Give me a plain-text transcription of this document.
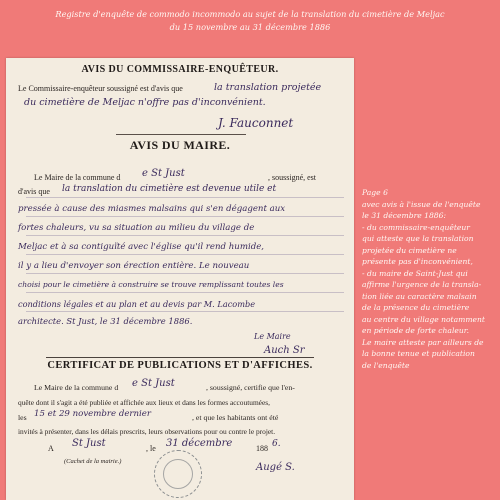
Registre d'enquête de commodo incommodo au sujet de la translation du cimetière de Meljac
du 15 novembre au 31 décembre 1886
AVIS DU COMMISSAIRE-ENQUÊTEUR.
Le Commissaire-enquêteur soussigné est d'avis que	la translation projetée
du cimetière de Meljac n'offre pas d'inconvénient.
J. Fauconnet
AVIS DU MAIRE.
Le Maire de la commune d e St Just	, soussigné, est
d'avis que la translation du cimetière est devenue utile et
pressée à cause des miasmes malsains qui s'en dégagent aux
fortes chaleurs, vu sa situation au milieu du village de
Meljac et à sa contiguïté avec l'église qu'il rend humide,
il y a lieu d'envoyer son érection entière. Le nouveau
choisi pour le cimetière à construire se trouve remplissant toutes les
conditions légales et au plan et au devis par M. Lacombe
architecte. St Just, le 31 décembre 1886.
Le Maire
Auch Sr
CERTIFICAT DE PUBLICATIONS ET D'AFFICHES.
Le Maire de la commune d e St Just	, soussigné, certifie que l'en-
quête dont il s'agit a été publiée et affichée aux lieux et dans les formes accoutumées,
les 15 et 29 novembre dernier	, et que les habitants ont été
invités à présenter, dans les délais prescrits, leurs observations pour ou contre le projet.
A St Just	, le 31 décembre	188 6.
(Cachet de la mairie.)
Augé S.
Page 6
avec avis à l'issue de l'enquête
le 31 décembre 1886:
- du commissaire-enquêteur
qui atteste que la translation
projetée du cimetière ne
présente pas d'inconvénient,
- du maire de Saint-Just qui
affirme l'urgence de la transla-
tion liée au caractère malsain
de la présence du cimetière
au centre du village notamment
en période de forte chaleur.
Le maire atteste par ailleurs de
la bonne tenue et publication
de l'enquête
